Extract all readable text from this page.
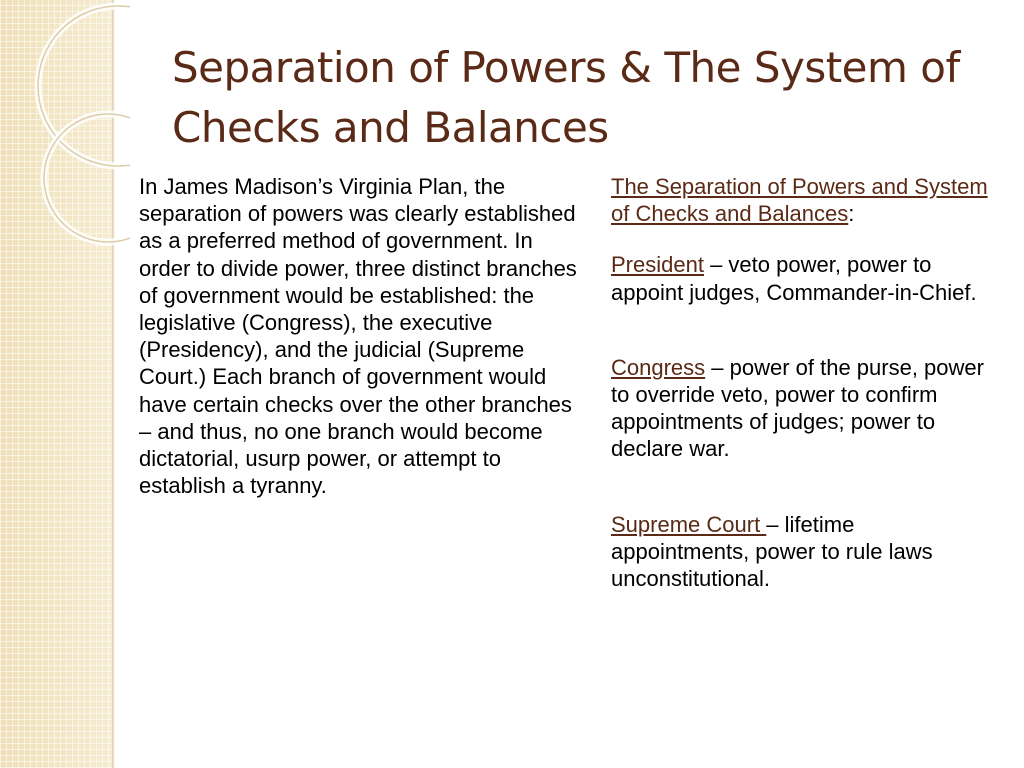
Separation of Powers & The System of Checks and Balances

In James Madison’s Virginia Plan, the separation of powers was clearly established as a preferred method of government. In order to divide power, three distinct branches of government would be established: the legislative (Congress), the executive (Presidency), and the judicial (Supreme Court.) Each branch of government would have certain checks over the other branches – and thus, no one branch would become dictatorial, usurp power, or attempt to establish a tyranny.

The Separation of Powers and System of Checks and Balances:

President – veto power, power to appoint judges, Commander-in-Chief.

Congress – power of the purse, power to override veto, power to confirm appointments of judges; power to declare war.

Supreme Court – lifetime appointments, power to rule laws unconstitutional.
